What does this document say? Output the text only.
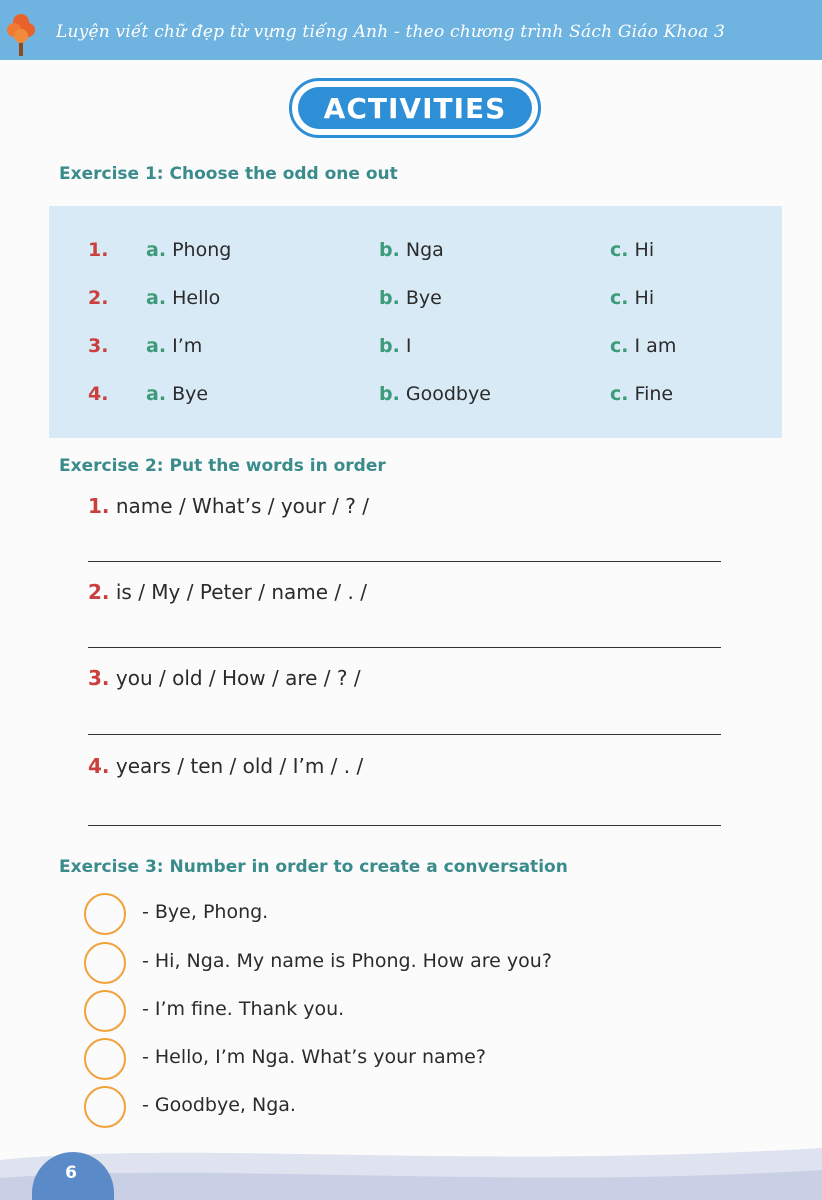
Luyện viết chữ đẹp từ vựng tiếng Anh - theo chương trình Sách Giáo Khoa 3
ACTIVITIES
Exercise 1: Choose the odd one out
1. a. Phong	b. Nga	c. Hi
2. a. Hello	b. Bye	c. Hi
3. a. I’m	b. I	c. I am
4. a. Bye	b. Goodbye	c. Fine
Exercise 2: Put the words in order
1. name / What’s / your / ? /
2. is / My / Peter / name / . /
3. you / old / How / are / ? /
4. years / ten / old / I’m / . /
Exercise 3: Number in order to create a conversation
- Bye, Phong.
- Hi, Nga. My name is Phong. How are you?
- I’m fine. Thank you.
- Hello, I’m Nga. What’s your name?
- Goodbye, Nga.
6
